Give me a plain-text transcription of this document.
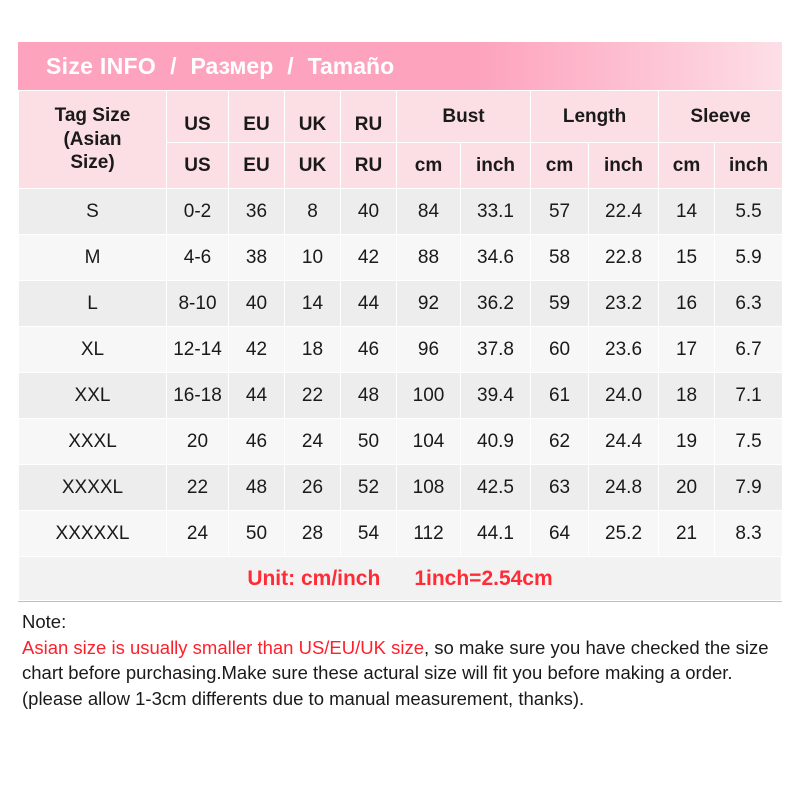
Size INFO / Размер / Tamaño
Tag Size
(Asian
Size)	US	EU	UK	RU	Bust		Length		Sleeve	
	US	EU	UK	RU	cm	inch	cm	inch	cm	inch
S	0-2	36	8	40	84	33.1	57	22.4	14	5.5
M	4-6	38	10	42	88	34.6	58	22.8	15	5.9
L	8-10	40	14	44	92	36.2	59	23.2	16	6.3
XL	12-14	42	18	46	96	37.8	60	23.6	17	6.7
XXL	16-18	44	22	48	100	39.4	61	24.0	18	7.1
XXXL	20	46	24	50	104	40.9	62	24.4	19	7.5
XXXXL	22	48	26	52	108	42.5	63	24.8	20	7.9
XXXXXL	24	50	28	54	112	44.1	64	25.2	21	8.3
Unit: cm/inch 1inch=2.54cm
Note:
Asian size is usually smaller than US/EU/UK size, so make sure you have checked the size chart before purchasing.Make sure these actural size will fit you before making a order.(please allow 1-3cm differents due to manual measurement, thanks).
